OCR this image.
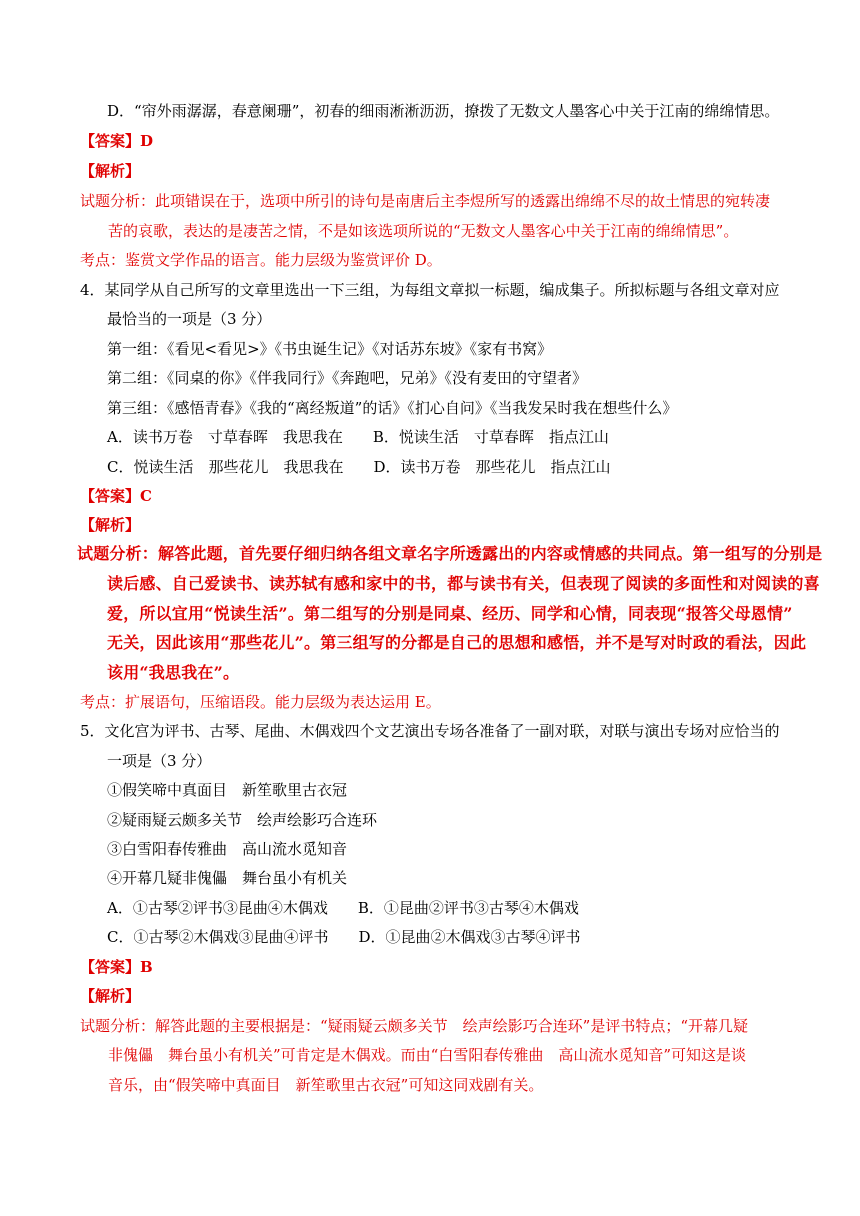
D．“帘外雨潺潺，春意阑珊”，初春的细雨淅淅沥沥，撩拨了无数文人墨客心中关于江南的绵绵情思。

【答案】D

【解析】

试题分析：此项错误在于，选项中所引的诗句是南唐后主李煜所写的透露出绵绵不尽的故土情思的宛转凄

苦的哀歌，表达的是凄苦之情，不是如该选项所说的“无数文人墨客心中关于江南的绵绵情思”。

考点：鉴赏文学作品的语言。能力层级为鉴赏评价 D。

4．某同学从自己所写的文章里选出一下三组，为每组文章拟一标题，编成集子。所拟标题与各组文章对应

最恰当的一项是（3 分）

第一组：《看见<看见>》《书虫诞生记》《对话苏东坡》《家有书窝》

第二组：《同桌的你》《伴我同行》《奔跑吧，兄弟》《没有麦田的守望者》

第三组：《感悟青春》《我的“离经叛道”的话》《扪心自问》《当我发呆时我在想些什么》

A．读书万卷　寸草春晖　我思我在　　B．悦读生活　寸草春晖　指点江山

C．悦读生活　那些花儿　我思我在　　D．读书万卷　那些花儿　指点江山

【答案】C

【解析】

试题分析：解答此题，首先要仔细归纳各组文章名字所透露出的内容或情感的共同点。第一组写的分别是

读后感、自己爱读书、读苏轼有感和家中的书，都与读书有关，但表现了阅读的多面性和对阅读的喜

爱，所以宜用“悦读生活”。第二组写的分别是同桌、经历、同学和心情，同表现“报答父母恩情”

无关，因此该用“那些花儿”。第三组写的分都是自己的思想和感悟，并不是写对时政的看法，因此

该用“我思我在”。

考点：扩展语句，压缩语段。能力层级为表达运用 E。

5．文化宫为评书、古琴、尾曲、木偶戏四个文艺演出专场各准备了一副对联，对联与演出专场对应恰当的

一项是（3 分）

①假笑啼中真面目　新笙歌里古衣冠

②疑雨疑云颇多关节　绘声绘影巧合连环

③白雪阳春传雅曲　高山流水觅知音

④开幕几疑非傀儡　舞台虽小有机关

A．①古琴②评书③昆曲④木偶戏　　B．①昆曲②评书③古琴④木偶戏

C．①古琴②木偶戏③昆曲④评书　　D．①昆曲②木偶戏③古琴④评书

【答案】B

【解析】

试题分析：解答此题的主要根据是：“疑雨疑云颇多关节　绘声绘影巧合连环”是评书特点；“开幕几疑

非傀儡　舞台虽小有机关”可肯定是木偶戏。而由“白雪阳春传雅曲　高山流水觅知音”可知这是谈

音乐，由“假笑啼中真面目　新笙歌里古衣冠”可知这同戏剧有关。
